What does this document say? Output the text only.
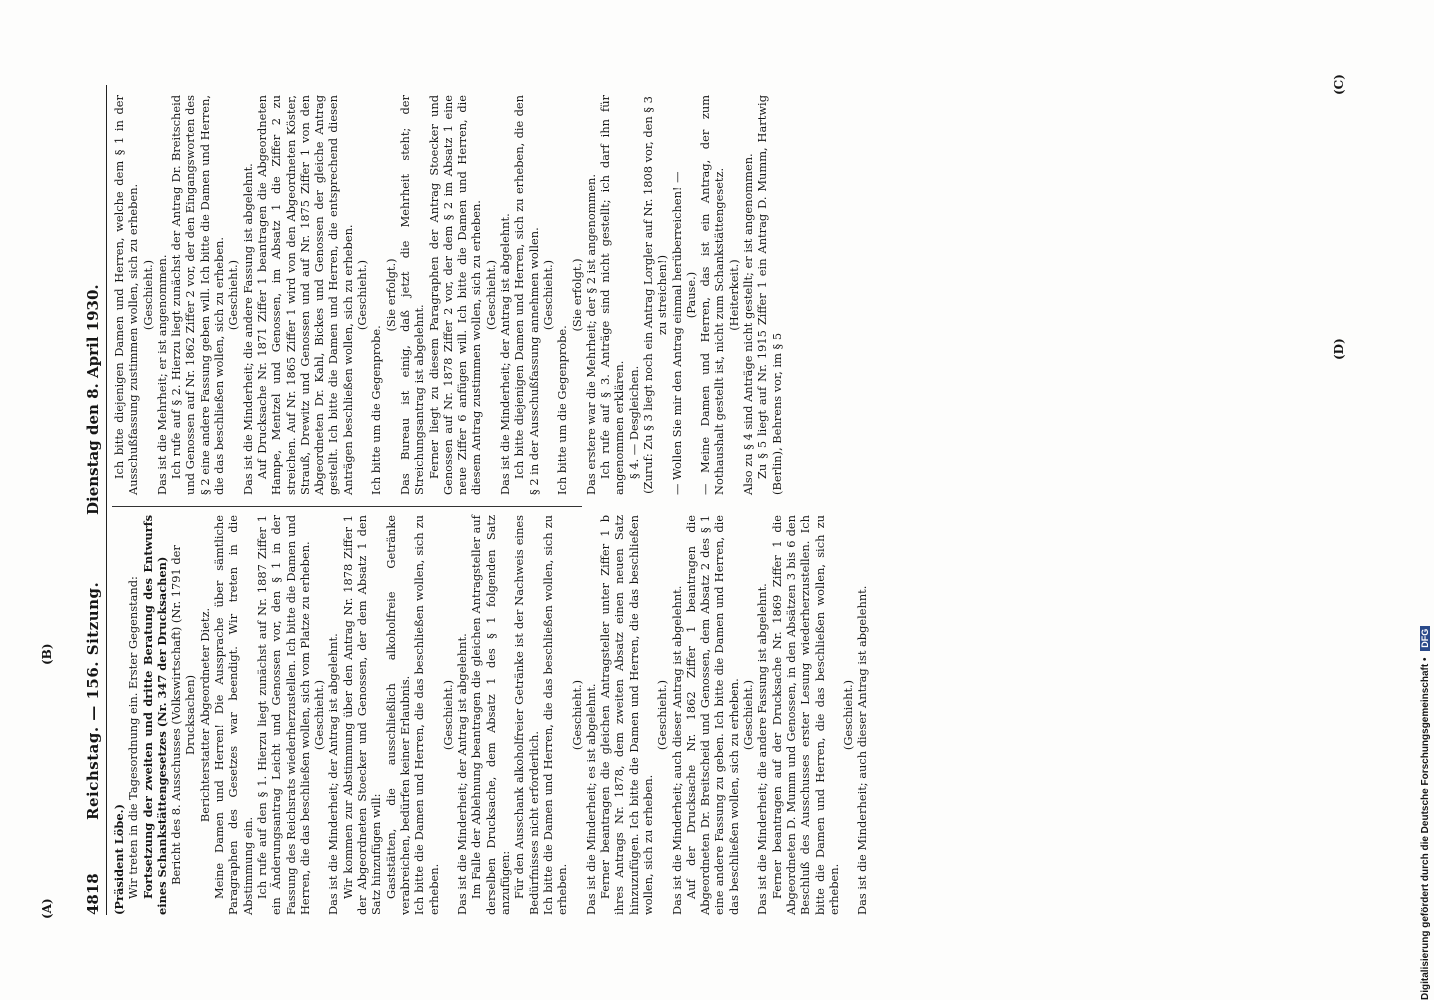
4818
Reichstag. — 156. Sitzung.
Dienstag den 8. April 1930.

(Präsident Löbe.) Wir treten in die Tagesordnung ein. Erster Gegenstand: Fortsetzung der zweiten und dritte Beratung des Entwurfs eines Schankstättengesetzes (Nr. 347 der Drucksachen) Bericht des 8. Ausschusses (Volkswirtschaft) (Nr. 1791 der Drucksachen) Berichterstatter Abgeordneter Dietz. Meine Damen und Herren! Die Aussprache über sämtliche Paragraphen des Gesetzes war beendigt. Wir treten in die Abstimmung ein. Ich rufe auf den § 1. Hierzu liegt zunächst auf Nr. 1887 Ziffer 1 ein Änderungsantrag Leicht und Genossen vor, den § 1 in der Fassung des Reichsrats wiederherzustellen. Ich bitte die Damen und Herren, die das beschließen wollen, sich vom Platze zu erheben. (Geschieht.) Das ist die Minderheit; der Antrag ist abgelehnt. Wir kommen zur Abstimmung über den Antrag Nr. 1878 Ziffer 1 der Abgeordneten Stoecker und Genossen, der dem Absatz 1 den Satz hinzufügen will: Gaststätten, die ausschließlich alkoholfreie Getränke verabreichen, bedürfen keiner Erlaubnis. Ich bitte die Damen und Herren, die das beschließen wollen, sich zu erheben.

(Geschieht.) Das ist die Minderheit; der Antrag ist abgelehnt. Im Falle der Ablehnung beantragen die gleichen Antragsteller auf derselben Drucksache, dem Absatz 1 des § 1 folgenden Satz anzufügen: Für den Ausschank alkoholfreier Getränke ist der Nachweis eines Bedürfnisses nicht erforderlich. Ich bitte die Damen und Herren, die das beschließen wollen, sich zu erheben.

(Geschieht.) Das ist die Minderheit; es ist abgelehnt. Ferner beantragen die gleichen Antragsteller unter Ziffer 1 b ihres Antrags Nr. 1878, dem zweiten Absatz einen neuen Satz hinzuzufügen. Ich bitte die Damen und Herren, die das beschließen wollen, sich zu erheben.

(Geschieht.) Das ist die Minderheit; auch dieser Antrag ist abgelehnt. Auf der Drucksache Nr. 1862 Ziffer 1 beantragen die Abgeordneten Dr. Breitscheid und Genossen, dem Absatz 2 des § 1 eine andere Fassung zu geben. Ich bitte die Damen und Herren, die das beschließen wollen, sich zu erheben. (Geschieht.) Das ist die Minderheit; die andere Fassung ist abgelehnt. Ferner beantragen auf der Drucksache Nr. 1869 Ziffer 1 die Abgeordneten D. Mumm und Genossen, in den Absätzen 3 bis 6 den Beschluß des Ausschusses erster Lesung wiederherzustellen. Ich bitte die Damen und Herren, die das beschließen wollen, sich zu erheben.

(Geschieht.) Das ist die Minderheit; auch dieser Antrag ist abgelehnt.

Ich bitte diejenigen Damen und Herren, welche dem § 1 in der Ausschußfassung zustimmen wollen, sich zu erheben. (Geschieht.) Das ist die Mehrheit; er ist angenommen. Ich rufe auf § 2. Hierzu liegt zunächst der Antrag Dr. Breitscheid und Genossen auf Nr. 1862 Ziffer 2 vor, der den Eingangsworten des § 2 eine andere Fassung geben will. Ich bitte die Damen und Herren, die das beschließen wollen, sich zu erheben. (Geschieht.) Das ist die Minderheit; die andere Fassung ist abgelehnt. Auf Drucksache Nr. 1871 Ziffer 1 beantragen die Abgeordneten Hampe, Mentzel und Genossen, im Absatz 1 die Ziffer 2 zu streichen. Auf Nr. 1865 Ziffer 1 wird von den Abgeordneten Köster, Strauß, Drewitz und Genossen und auf Nr. 1875 Ziffer 1 von den Abgeordneten Dr. Kahl, Bickes und Genossen der gleiche Antrag gestellt. Ich bitte die Damen und Herren, die entsprechend diesen Anträgen beschließen wollen, sich zu erheben. (Geschieht.)

Ich bitte um die Gegenprobe.

(Sie erfolgt.) Das Bureau ist einig, daß jetzt die Mehrheit steht; der Streichungsantrag ist abgelehnt. Ferner liegt zu diesem Paragraphen der Antrag Stoecker und Genossen auf Nr. 1878 Ziffer 2 vor, der dem § 2 im Absatz 1 eine neue Ziffer 6 anfügen will. Ich bitte die Damen und Herren, die diesem Antrag zustimmen wollen, sich zu erheben. (Geschieht.) Das ist die Minderheit; der Antrag ist abgelehnt. Ich bitte diejenigen Damen und Herren, sich zu erheben, die den § 2 in der Ausschußfassung annehmen wollen. (Geschieht.)

Ich bitte um die Gegenprobe.

(Sie erfolgt.) Das erstere war die Mehrheit; der § 2 ist angenommen. Ich rufe auf § 3. Anträge sind nicht gestellt; ich darf ihn für angenommen erklären. § 4. — Desgleichen. (Zuruf: Zu § 3 liegt noch ein Antrag Lorgler auf Nr. 1808 vor, den § 3 zu streichen!) — Wollen Sie mir den Antrag einmal herüberreichen! — (Pause.) — Meine Damen und Herren, das ist ein Antrag, der zum Nothaushalt gestellt ist, nicht zum Schankstättengesetz. (Heiterkeit.) Also zu § 4 sind Anträge nicht gestellt; er ist angenommen. Zu § 5 liegt auf Nr. 1915 Ziffer 1 ein Antrag D. Mumm, Hartwig (Berlin), Behrens vor, im § 5

(A)
(B)
(C)
(D)
Digitalisierung gefördert durch die Deutsche Forschungsgemeinschaft • DFG
